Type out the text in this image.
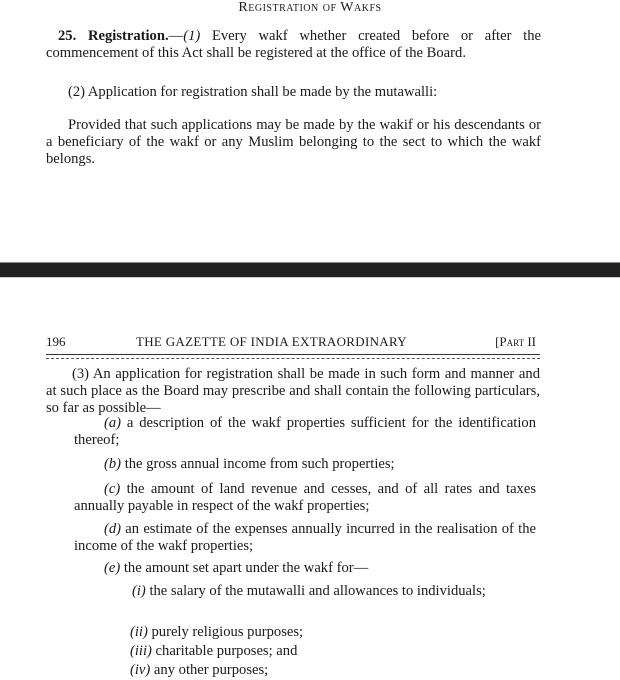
Registration of Wakfs

25. Registration.—(1) Every wakf whether created before or after the commencement of this Act shall be registered at the office of the Board.

(2) Application for registration shall be made by the mutawalli:

Provided that such applications may be made by the wakif or his descendants or a beneficiary of the wakf or any Muslim belonging to the sect to which the wakf belongs.

196	THE GAZETTE OF INDIA EXTRAORDINARY	[Part II

(3) An application for registration shall be made in such form and manner and at such place as the Board may prescribe and shall contain the following particulars, so far as possible—

(a) a description of the wakf properties sufficient for the identification thereof;

(b) the gross annual income from such properties;

(c) the amount of land revenue and cesses, and of all rates and taxes annually payable in respect of the wakf properties;

(d) an estimate of the expenses annually incurred in the realisation of the income of the wakf properties;

(e) the amount set apart under the wakf for—

(i) the salary of the mutawalli and allowances to individuals;

(ii) purely religious purposes;

(iii) charitable purposes; and

(iv) any other purposes;
